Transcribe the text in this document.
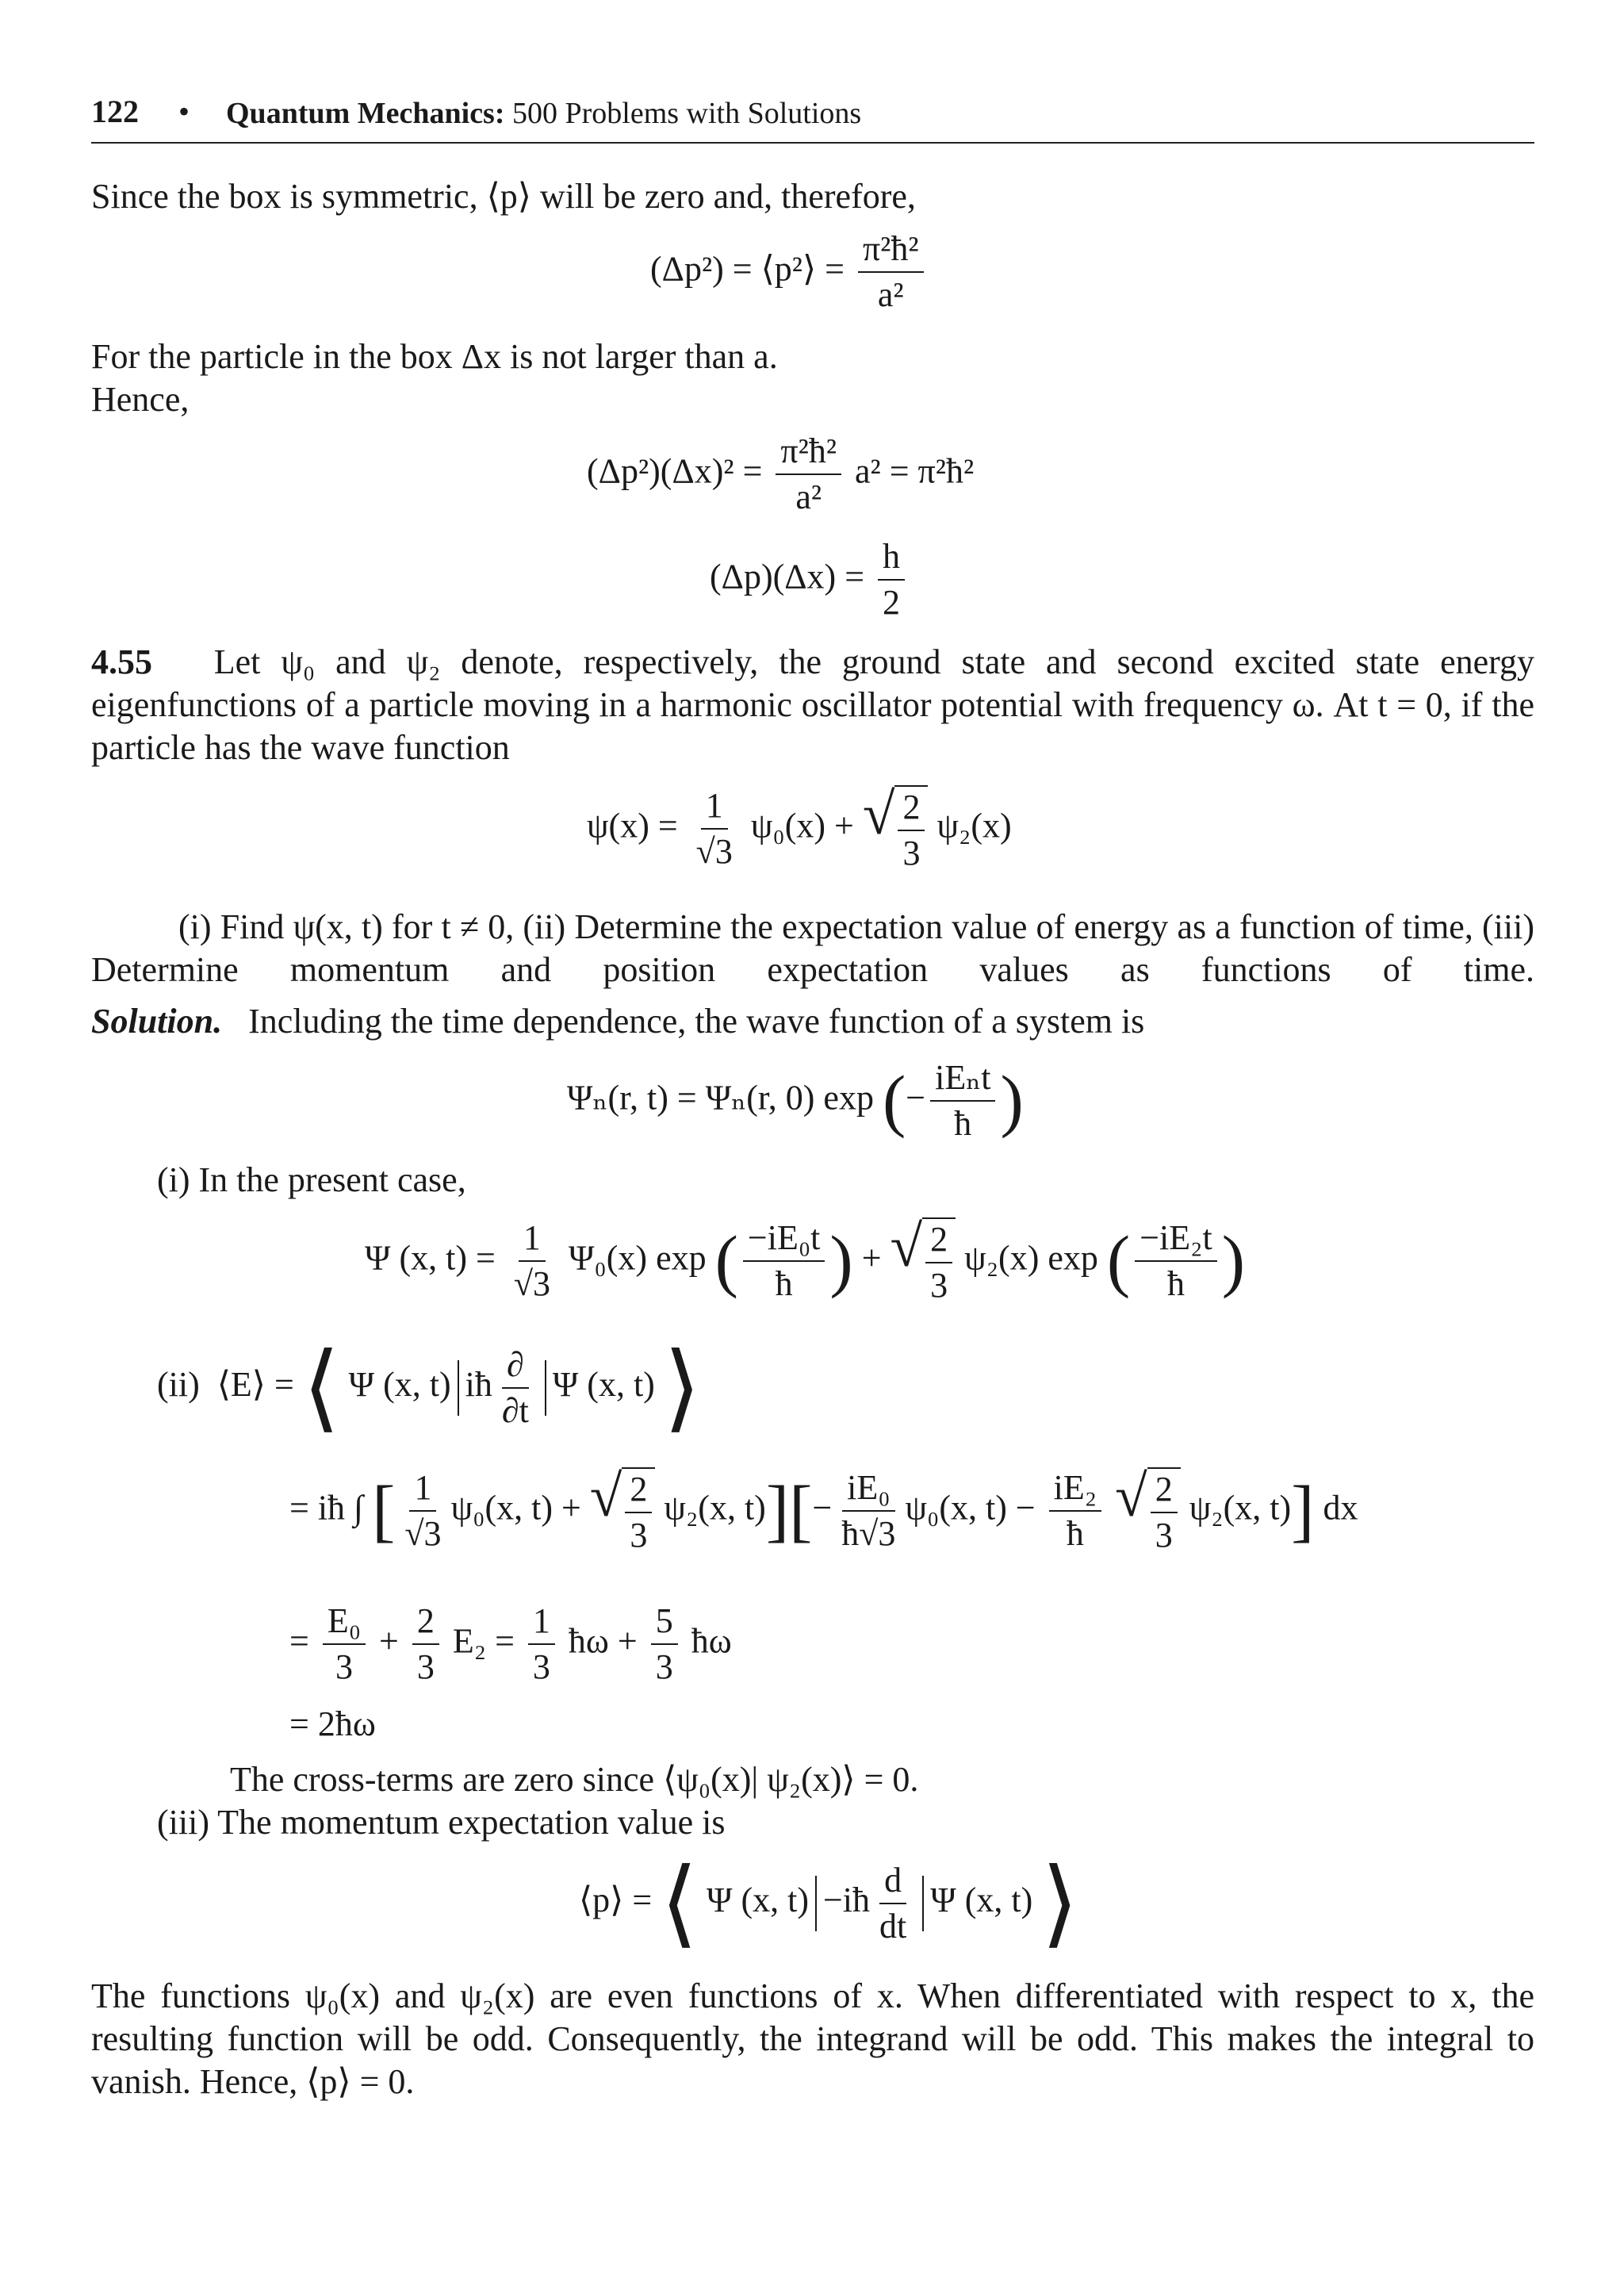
122 • Quantum Mechanics: 500 Problems with Solutions
Since the box is symmetric, ⟨p⟩ will be zero and, therefore,
(Δp²) = ⟨p²⟩ = $\frac{\text{π²ħ²}}{\text{a²}}$
For the particle in the box Δx is not larger than a.
Hence,
$(\Delta p^2)(\Delta x)^2 = \frac{\text{π²ħ²}}{\text{a²}} a^2$ = π²ħ²
$(\Delta p)(\Delta x) = \frac{h}{2}$
4.55 Let ψ₀ and ψ₂ denote, respectively, the ground state and second excited state energy eigenfunctions of a particle moving in a harmonic oscillator potential with frequency ω. At t = 0, if the particle has the wave function
$\psi(x) = \frac{1}{√3} \psi_0(x)$ + √ $\frac{2}{3} \psi_2(x)$
(i) Find ψ(x, t) for t ≠ 0, (ii) Determine the expectation value of energy as a function of time, (iii) Determine momentum and position expectation values as functions of time.
Solution. Including the time dependence, the wave function of a system is
Ψₙ(r, t) = Ψₙ(r, 0) exp (− $\frac{\text{iEₙt}}{ħ}$ )
(i) In the present case,
Ψ (x, $t) = \frac{1}{√3} \Psi_0(x)$ exp ( $\frac{\text{−iE₀t}}{ħ}$ ) + √ $\frac{2}{3} \psi_2(x)$ exp ( $\frac{\text{−iE₂t}}{ħ}$ )
(ii) ⟨E⟩ = ⟨ Ψ (x, t) iħ $\frac{\partial}{\partial t}$ Ψ (x, t) ⟩
= iħ ∫ [ $\frac{1}{√3} \psi_0(x$, t) + √ $\frac{2}{3} \psi_2(x$, $t)][- \frac{\text{iE₀}}{ħ√3} \psi_0(x$, $t) - \frac{\text{iE₂}}{ħ}$
√ $\frac{2}{3} \psi_2(x$, t)] dx
= $\frac{\text{E₀}}{3} + \frac{2}{3} E_2 = \frac{1}{3}$ ħω + $\frac{5}{3}$ ħω
= 2ħω
The cross-terms are zero since ⟨ψ₀(x)| ψ₂(x)⟩ = 0.
(iii) The momentum expectation value is
⟨p⟩ = ⟨ Ψ (x, t) −iħ $\frac{d}{dt}$ Ψ (x, t) ⟩
The functions ψ₀(x) and ψ₂(x) are even functions of x. When differentiated with respect to x, the resulting function will be odd. Consequently, the integrand will be odd. This makes the integral to vanish. Hence, ⟨p⟩ = 0.
